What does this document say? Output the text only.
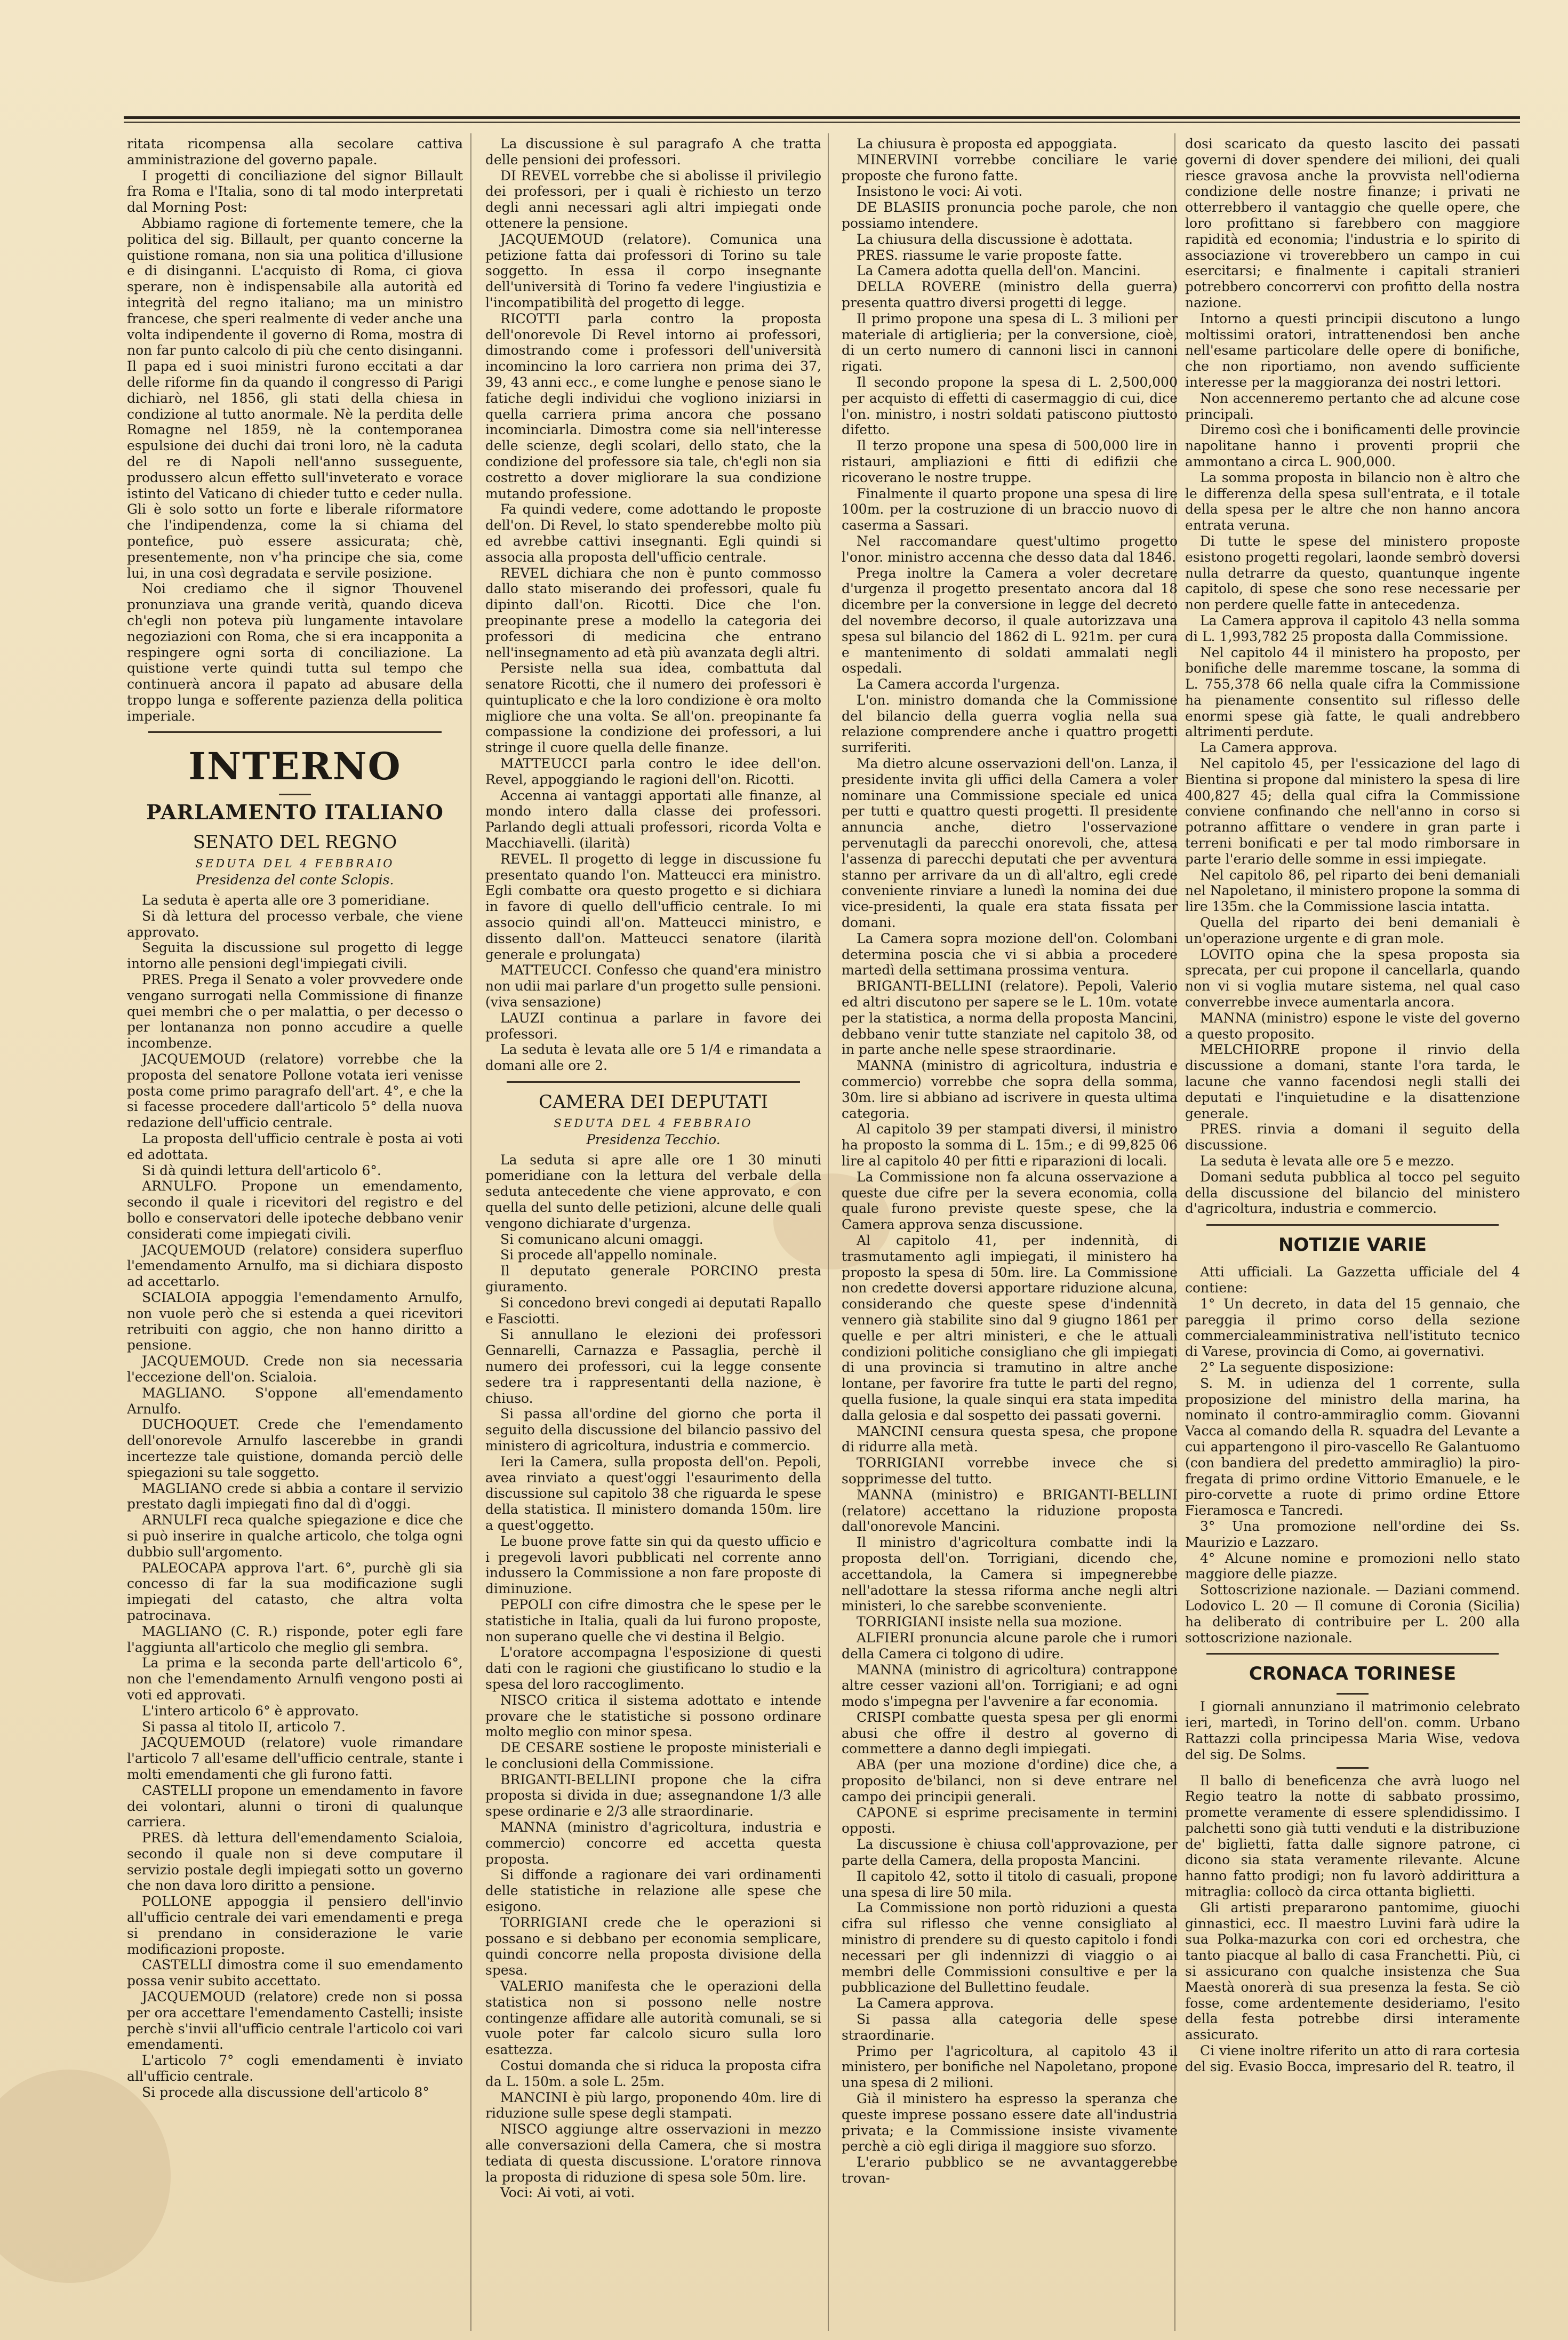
ritata ricompensa alla secolare cattiva amministrazione del governo papale.

I progetti di conciliazione del signor Billault fra Roma e l'Italia, sono di tal modo interpretati dal Morning Post:

Abbiamo ragione di fortemente temere, che la politica del sig. Billault, per quanto concerne la quistione romana, non sia una politica d'illusione e di disinganni. L'acquisto di Roma, ci giova sperare, non è indispensabile alla autorità ed integrità del regno italiano; ma un ministro francese, che speri realmente di veder anche una volta indipendente il governo di Roma, mostra di non far punto calcolo di più che cento disinganni. Il papa ed i suoi ministri furono eccitati a dar delle riforme fin da quando il congresso di Parigi dichiarò, nel 1856, gli stati della chiesa in condizione al tutto anormale. Nè la perdita delle Romagne nel 1859, nè la contemporanea espulsione dei duchi dai troni loro, nè la caduta del re di Napoli nell'anno susseguente, produssero alcun effetto sull'inveterato e vorace istinto del Vaticano di chieder tutto e ceder nulla. Gli è solo sotto un forte e liberale riformatore che l'indipendenza, come la si chiama del pontefice, può essere assicurata; chè, presentemente, non v'ha principe che sia, come lui, in una così degradata e servile posizione.

Noi crediamo che il signor Thouvenel pronunziava una grande verità, quando diceva ch'egli non poteva più lungamente intavolare negoziazioni con Roma, che si era incapponita a respingere ogni sorta di conciliazione. La quistione verte quindi tutta sul tempo che continuerà ancora il papato ad abusare della troppo lunga e sofferente pazienza della politica imperiale.

INTERNO
PARLAMENTO ITALIANO
SENATO DEL REGNO
SEDUTA DEL 4 FEBBRAIO
Presidenza del conte Sclopis.

La seduta è aperta alle ore 3 pomeridiane.

Si dà lettura del processo verbale, che viene approvato.

Seguita la discussione sul progetto di legge intorno alle pensioni degl'impiegati civili.

PRES. Prega il Senato a voler provvedere onde vengano surrogati nella Commissione di finanze quei membri che o per malattia, o per decesso o per lontananza non ponno accudire a quelle incombenze.

JACQUEMOUD (relatore) vorrebbe che la proposta del senatore Pollone votata ieri venisse posta come primo paragrafo dell'art. 4°, e che la si facesse procedere dall'articolo 5° della nuova redazione dell'ufficio centrale.

La proposta dell'ufficio centrale è posta ai voti ed adottata.

Si dà quindi lettura dell'articolo 6°.

ARNULFO. Propone un emendamento, secondo il quale i ricevitori del registro e del bollo e conservatori delle ipoteche debbano venir considerati come impiegati civili.

JACQUEMOUD (relatore) considera superfluo l'emendamento Arnulfo, ma si dichiara disposto ad accettarlo.

SCIALOIA appoggia l'emendamento Arnulfo, non vuole però che si estenda a quei ricevitori retribuiti con aggio, che non hanno diritto a pensione.

JACQUEMOUD. Crede non sia necessaria l'eccezione dell'on. Scialoia.

MAGLIANO. S'oppone all'emendamento Arnulfo.

DUCHOQUET. Crede che l'emendamento dell'onorevole Arnulfo lascerebbe in grandi incertezze tale quistione, domanda perciò delle spiegazioni su tale soggetto.

MAGLIANO crede si abbia a contare il servizio prestato dagli impiegati fino dal dì d'oggi.

ARNULFI reca qualche spiegazione e dice che si può inserire in qualche articolo, che tolga ogni dubbio sull'argomento.

PALEOCAPA approva l'art. 6°, purchè gli sia concesso di far la sua modificazione sugli impiegati del catasto, che altra volta patrocinava.

MAGLIANO (C. R.) risponde, poter egli fare l'aggiunta all'articolo che meglio gli sembra.

La prima e la seconda parte dell'articolo 6°, non che l'emendamento Arnulfi vengono posti ai voti ed approvati.

L'intero articolo 6° è approvato.

Si passa al titolo II, articolo 7.

JACQUEMOUD (relatore) vuole rimandare l'articolo 7 all'esame dell'ufficio centrale, stante i molti emendamenti che gli furono fatti.

CASTELLI propone un emendamento in favore dei volontari, alunni o tironi di qualunque carriera.

PRES. dà lettura dell'emendamento Scialoia, secondo il quale non si deve computare il servizio postale degli impiegati sotto un governo che non dava loro diritto a pensione.

POLLONE appoggia il pensiero dell'invio all'ufficio centrale dei vari emendamenti e prega si prendano in considerazione le varie modificazioni proposte.

CASTELLI dimostra come il suo emendamento possa venir subito accettato.

JACQUEMOUD (relatore) crede non si possa per ora accettare l'emendamento Castelli; insiste perchè s'invii all'ufficio centrale l'articolo coi vari emendamenti.

L'articolo 7° cogli emendamenti è inviato all'ufficio centrale.

Si procede alla discussione dell'articolo 8°

La discussione è sul paragrafo A che tratta delle pensioni dei professori.

DI REVEL vorrebbe che si abolisse il privilegio dei professori, per i quali è richiesto un terzo degli anni necessari agli altri impiegati onde ottenere la pensione.

JACQUEMOUD (relatore). Comunica una petizione fatta dai professori di Torino su tale soggetto. In essa il corpo insegnante dell'università di Torino fa vedere l'ingiustizia e l'incompatibilità del progetto di legge.

RICOTTI parla contro la proposta dell'onorevole Di Revel intorno ai professori, dimostrando come i professori dell'università incomincino la loro carriera non prima dei 37, 39, 43 anni ecc., e come lunghe e penose siano le fatiche degli individui che vogliono iniziarsi in quella carriera prima ancora che possano incominciarla. Dimostra come sia nell'interesse delle scienze, degli scolari, dello stato, che la condizione del professore sia tale, ch'egli non sia costretto a dover migliorare la sua condizione mutando professione.

Fa quindi vedere, come adottando le proposte dell'on. Di Revel, lo stato spenderebbe molto più ed avrebbe cattivi insegnanti. Egli quindi si associa alla proposta dell'ufficio centrale.

REVEL dichiara che non è punto commosso dallo stato miserando dei professori, quale fu dipinto dall'on. Ricotti. Dice che l'on. preopinante prese a modello la categoria dei professori di medicina che entrano nell'insegnamento ad età più avanzata degli altri.

Persiste nella sua idea, combattuta dal senatore Ricotti, che il numero dei professori è quintuplicato e che la loro condizione è ora molto migliore che una volta. Se all'on. preopinante fa compassione la condizione dei professori, a lui stringe il cuore quella delle finanze.

MATTEUCCI parla contro le idee dell'on. Revel, appoggiando le ragioni dell'on. Ricotti.

Accenna ai vantaggi apportati alle finanze, al mondo intero dalla classe dei professori. Parlando degli attuali professori, ricorda Volta e Macchiavelli. (ilarità)

REVEL. Il progetto di legge in discussione fu presentato quando l'on. Matteucci era ministro. Egli combatte ora questo progetto e si dichiara in favore di quello dell'ufficio centrale. Io mi associo quindi all'on. Matteucci ministro, e dissento dall'on. Matteucci senatore (ilarità generale e prolungata)

MATTEUCCI. Confesso che quand'era ministro non udii mai parlare d'un progetto sulle pensioni. (viva sensazione)

LAUZI continua a parlare in favore dei professori.

La seduta è levata alle ore 5 1/4 e rimandata a domani alle ore 2.

CAMERA DEI DEPUTATI
SEDUTA DEL 4 FEBBRAIO
Presidenza Tecchio.

La seduta si apre alle ore 1 30 minuti pomeridiane con la lettura del verbale della seduta antecedente che viene approvato, e con quella del sunto delle petizioni, alcune delle quali vengono dichiarate d'urgenza.

Si comunicano alcuni omaggi.

Si procede all'appello nominale.

Il deputato generale PORCINO presta giuramento.

Si concedono brevi congedi ai deputati Rapallo e Fasciotti.

Si annullano le elezioni dei professori Gennarelli, Carnazza e Passaglia, perchè il numero dei professori, cui la legge consente sedere tra i rappresentanti della nazione, è chiuso.

Si passa all'ordine del giorno che porta il seguito della discussione del bilancio passivo del ministero di agricoltura, industria e commercio.

Ieri la Camera, sulla proposta dell'on. Pepoli, avea rinviato a quest'oggi l'esaurimento della discussione sul capitolo 38 che riguarda le spese della statistica. Il ministero domanda 150m. lire a quest'oggetto.

Le buone prove fatte sin qui da questo ufficio e i pregevoli lavori pubblicati nel corrente anno indussero la Commissione a non fare proposte di diminuzione.

PEPOLI con cifre dimostra che le spese per le statistiche in Italia, quali da lui furono proposte, non superano quelle che vi destina il Belgio.

L'oratore accompagna l'esposizione di questi dati con le ragioni che giustificano lo studio e la spesa del loro raccoglimento.

NISCO critica il sistema adottato e intende provare che le statistiche si possono ordinare molto meglio con minor spesa.

DE CESARE sostiene le proposte ministeriali e le conclusioni della Commissione.

BRIGANTI-BELLINI propone che la cifra proposta si divida in due; assegnandone 1/3 alle spese ordinarie e 2/3 alle straordinarie.

MANNA (ministro d'agricoltura, industria e commercio) concorre ed accetta questa proposta.

Si diffonde a ragionare dei vari ordinamenti delle statistiche in relazione alle spese che esigono.

TORRIGIANI crede che le operazioni si possano e si debbano per economia semplicare, quindi concorre nella proposta divisione della spesa.

VALERIO manifesta che le operazioni della statistica non si possono nelle nostre contingenze affidare alle autorità comunali, se si vuole poter far calcolo sicuro sulla loro esattezza.

Costui domanda che si riduca la proposta cifra da L. 150m. a sole L. 25m.

MANCINI è più largo, proponendo 40m. lire di riduzione sulle spese degli stampati.

NISCO aggiunge altre osservazioni in mezzo alle conversazioni della Camera, che si mostra tediata di questa discussione. L'oratore rinnova la proposta di riduzione di spesa sole 50m. lire.

Voci: Ai voti, ai voti.

La chiusura è proposta ed appoggiata.

MINERVINI vorrebbe conciliare le varie proposte che furono fatte.

Insistono le voci: Ai voti.

DE BLASIIS pronuncia poche parole, che non possiamo intendere.

La chiusura della discussione è adottata.

PRES. riassume le varie proposte fatte.

La Camera adotta quella dell'on. Mancini.

DELLA ROVERE (ministro della guerra) presenta quattro diversi progetti di legge.

Il primo propone una spesa di L. 3 milioni per materiale di artiglieria; per la conversione, cioè, di un certo numero di cannoni lisci in cannoni rigati.

Il secondo propone la spesa di L. 2,500,000 per acquisto di effetti di casermaggio di cui, dice l'on. ministro, i nostri soldati patiscono piuttosto difetto.

Il terzo propone una spesa di 500,000 lire in ristauri, ampliazioni e fitti di edifizii che ricoverano le nostre truppe.

Finalmente il quarto propone una spesa di lire 100m. per la costruzione di un braccio nuovo di caserma a Sassari.

Nel raccomandare quest'ultimo progetto l'onor. ministro accenna che desso data dal 1846.

Prega inoltre la Camera a voler decretare d'urgenza il progetto presentato ancora dal 18 dicembre per la conversione in legge del decreto del novembre decorso, il quale autorizzava una spesa sul bilancio del 1862 di L. 921m. per cura e mantenimento di soldati ammalati negli ospedali.

La Camera accorda l'urgenza.

L'on. ministro domanda che la Commissione del bilancio della guerra voglia nella sua relazione comprendere anche i quattro progetti surriferiti.

Ma dietro alcune osservazioni dell'on. Lanza, il presidente invita gli uffici della Camera a voler nominare una Commissione speciale ed unica per tutti e quattro questi progetti. Il presidente annuncia anche, dietro l'osservazione pervenutagli da parecchi onorevoli, che, attesa l'assenza di parecchi deputati che per avventura stanno per arrivare da un dì all'altro, egli crede conveniente rinviare a lunedì la nomina dei due vice-presidenti, la quale era stata fissata per domani.

La Camera sopra mozione dell'on. Colombani determina poscia che vi si abbia a procedere martedì della settimana prossima ventura.

BRIGANTI-BELLINI (relatore). Pepoli, Valerio ed altri discutono per sapere se le L. 10m. votate per la statistica, a norma della proposta Mancini, debbano venir tutte stanziate nel capitolo 38, od in parte anche nelle spese straordinarie.

MANNA (ministro di agricoltura, industria e commercio) vorrebbe che sopra della somma, 30m. lire si abbiano ad iscrivere in questa ultima categoria.

Al capitolo 39 per stampati diversi, il ministro ha proposto la somma di L. 15m.; e di 99,825 06 lire al capitolo 40 per fitti e riparazioni di locali.

La Commissione non fa alcuna osservazione a queste due cifre per la severa economia, colla quale furono previste queste spese, che la Camera approva senza discussione.

Al capitolo 41, per indennità, di trasmutamento agli impiegati, il ministero ha proposto la spesa di 50m. lire. La Commissione non credette doversi apportare riduzione alcuna, considerando che queste spese d'indennità vennero già stabilite sino dal 9 giugno 1861 per quelle e per altri ministeri, e che le attuali condizioni politiche consigliano che gli impiegati di una provincia si tramutino in altre anche lontane, per favorire fra tutte le parti del regno, quella fusione, la quale sinqui era stata impedita dalla gelosia e dal sospetto dei passati governi.

MANCINI censura questa spesa, che propone di ridurre alla metà.

TORRIGIANI vorrebbe invece che si sopprimesse del tutto.

MANNA (ministro) e BRIGANTI-BELLINI (relatore) accettano la riduzione proposta dall'onorevole Mancini.

Il ministro d'agricoltura combatte indi la proposta dell'on. Torrigiani, dicendo che, accettandola, la Camera si impegnerebbe nell'adottare la stessa riforma anche negli altri ministeri, lo che sarebbe sconveniente.

TORRIGIANI insiste nella sua mozione.

ALFIERI pronuncia alcune parole che i rumori della Camera ci tolgono di udire.

MANNA (ministro di agricoltura) contrappone altre cesser vazioni all'on. Torrigiani; e ad ogni modo s'impegna per l'avvenire a far economia.

CRISPI combatte questa spesa per gli enormi abusi che offre il destro al governo di commettere a danno degli impiegati.

ABA (per una mozione d'ordine) dice che, a proposito de'bilanci, non si deve entrare nel campo dei principii generali.

CAPONE si esprime precisamente in termini opposti.

La discussione è chiusa coll'approvazione, per parte della Camera, della proposta Mancini.

Il capitolo 42, sotto il titolo di casuali, propone una spesa di lire 50 mila.

La Commissione non portò riduzioni a questa cifra sul riflesso che venne consigliato al ministro di prendere su di questo capitolo i fondi necessari per gli indennizzi di viaggio o ai membri delle Commissioni consultive e per la pubblicazione del Bullettino feudale.

La Camera approva.

Si passa alla categoria delle spese straordinarie.

Primo per l'agricoltura, al capitolo 43 il ministero, per bonifiche nel Napoletano, propone una spesa di 2 milioni.

Già il ministero ha espresso la speranza che queste imprese possano essere date all'industria privata; e la Commissione insiste vivamente perchè a ciò egli diriga il maggiore suo sforzo.

L'erario pubblico se ne avvantaggerebbe trovan-

dosi scaricato da questo lascito dei passati governi di dover spendere dei milioni, dei quali riesce gravosa anche la provvista nell'odierna condizione delle nostre finanze; i privati ne otterrebbero il vantaggio che quelle opere, che loro profittano si farebbero con maggiore rapidità ed economia; l'industria e lo spirito di associazione vi troverebbero un campo in cui esercitarsi; e finalmente i capitali stranieri potrebbero concorrervi con profitto della nostra nazione.

Intorno a questi principii discutono a lungo moltissimi oratori, intrattenendosi ben anche nell'esame particolare delle opere di bonifiche, che non riportiamo, non avendo sufficiente interesse per la maggioranza dei nostri lettori.

Non accenneremo pertanto che ad alcune cose principali.

Diremo così che i bonificamenti delle provincie napolitane hanno i proventi proprii che ammontano a circa L. 900,000.

La somma proposta in bilancio non è altro che le differenza della spesa sull'entrata, e il totale della spesa per le altre che non hanno ancora entrata veruna.

Di tutte le spese del ministero proposte esistono progetti regolari, laonde sembrò doversi nulla detrarre da questo, quantunque ingente capitolo, di spese che sono rese necessarie per non perdere quelle fatte in antecedenza.

La Camera approva il capitolo 43 nella somma di L. 1,993,782 25 proposta dalla Commissione.

Nel capitolo 44 il ministero ha proposto, per bonifiche delle maremme toscane, la somma di L. 755,378 66 nella quale cifra la Commissione ha pienamente consentito sul riflesso delle enormi spese già fatte, le quali andrebbero altrimenti perdute.

La Camera approva.

Nel capitolo 45, per l'essicazione del lago di Bientina si propone dal ministero la spesa di lire 400,827 45; della qual cifra la Commissione conviene confinando che nell'anno in corso si potranno affittare o vendere in gran parte i terreni bonificati e per tal modo rimborsare in parte l'erario delle somme in essi impiegate.

Nel capitolo 86, pel riparto dei beni demaniali nel Napoletano, il ministero propone la somma di lire 135m. che la Commissione lascia intatta.

Quella del riparto dei beni demaniali è un'operazione urgente e di gran mole.

LOVITO opina che la spesa proposta sia sprecata, per cui propone il cancellarla, quando non vi si voglia mutare sistema, nel qual caso converrebbe invece aumentarla ancora.

MANNA (ministro) espone le viste del governo a questo proposito.

MELCHIORRE propone il rinvio della discussione a domani, stante l'ora tarda, le lacune che vanno facendosi negli stalli dei deputati e l'inquietudine e la disattenzione generale.

PRES. rinvia a domani il seguito della discussione.

La seduta è levata alle ore 5 e mezzo.

Domani seduta pubblica al tocco pel seguito della discussione del bilancio del ministero d'agricoltura, industria e commercio.

NOTIZIE VARIE

Atti ufficiali. La Gazzetta ufficiale del 4 contiene:

1° Un decreto, in data del 15 gennaio, che pareggia il primo corso della sezione commercialeamministrativa nell'istituto tecnico di Varese, provincia di Como, ai governativi.

2° La seguente disposizione:

S. M. in udienza del 1 corrente, sulla proposizione del ministro della marina, ha nominato il contro-ammiraglio comm. Giovanni Vacca al comando della R. squadra del Levante a cui appartengono il piro-vascello Re Galantuomo (con bandiera del predetto ammiraglio) la piro-fregata di primo ordine Vittorio Emanuele, e le piro-corvette a ruote di primo ordine Ettore Fieramosca e Tancredi.

3° Una promozione nell'ordine dei Ss. Maurizio e Lazzaro.

4° Alcune nomine e promozioni nello stato maggiore delle piazze.

Sottoscrizione nazionale. — Daziani commend. Lodovico L. 20 — Il comune di Coronia (Sicilia) ha deliberato di contribuire per L. 200 alla sottoscrizione nazionale.

CRONACA TORINESE

I giornali annunziano il matrimonio celebrato ieri, martedì, in Torino dell'on. comm. Urbano Rattazzi colla principessa Maria Wise, vedova del sig. De Solms.

Il ballo di beneficenza che avrà luogo nel Regio teatro la notte di sabbato prossimo, promette veramente di essere splendidissimo. I palchetti sono già tutti venduti e la distribuzione de' biglietti, fatta dalle signore patrone, ci dicono sia stata veramente rilevante. Alcune hanno fatto prodigi; non fu lavorò addirittura a mitraglia: collocò da circa ottanta biglietti.

Gli artisti prepararono pantomime, giuochi ginnastici, ecc. Il maestro Luvini farà udire la sua Polka-mazurka con cori ed orchestra, che tanto piacque al ballo di casa Franchetti. Più, ci si assicurano con qualche insistenza che Sua Maestà onorerà di sua presenza la festa. Se ciò fosse, come ardentemente desideriamo, l'esito della festa potrebbe dirsi interamente assicurato.

Ci viene inoltre riferito un atto di rara cortesia del sig. Evasio Bocca, impresario del R. teatro, il
